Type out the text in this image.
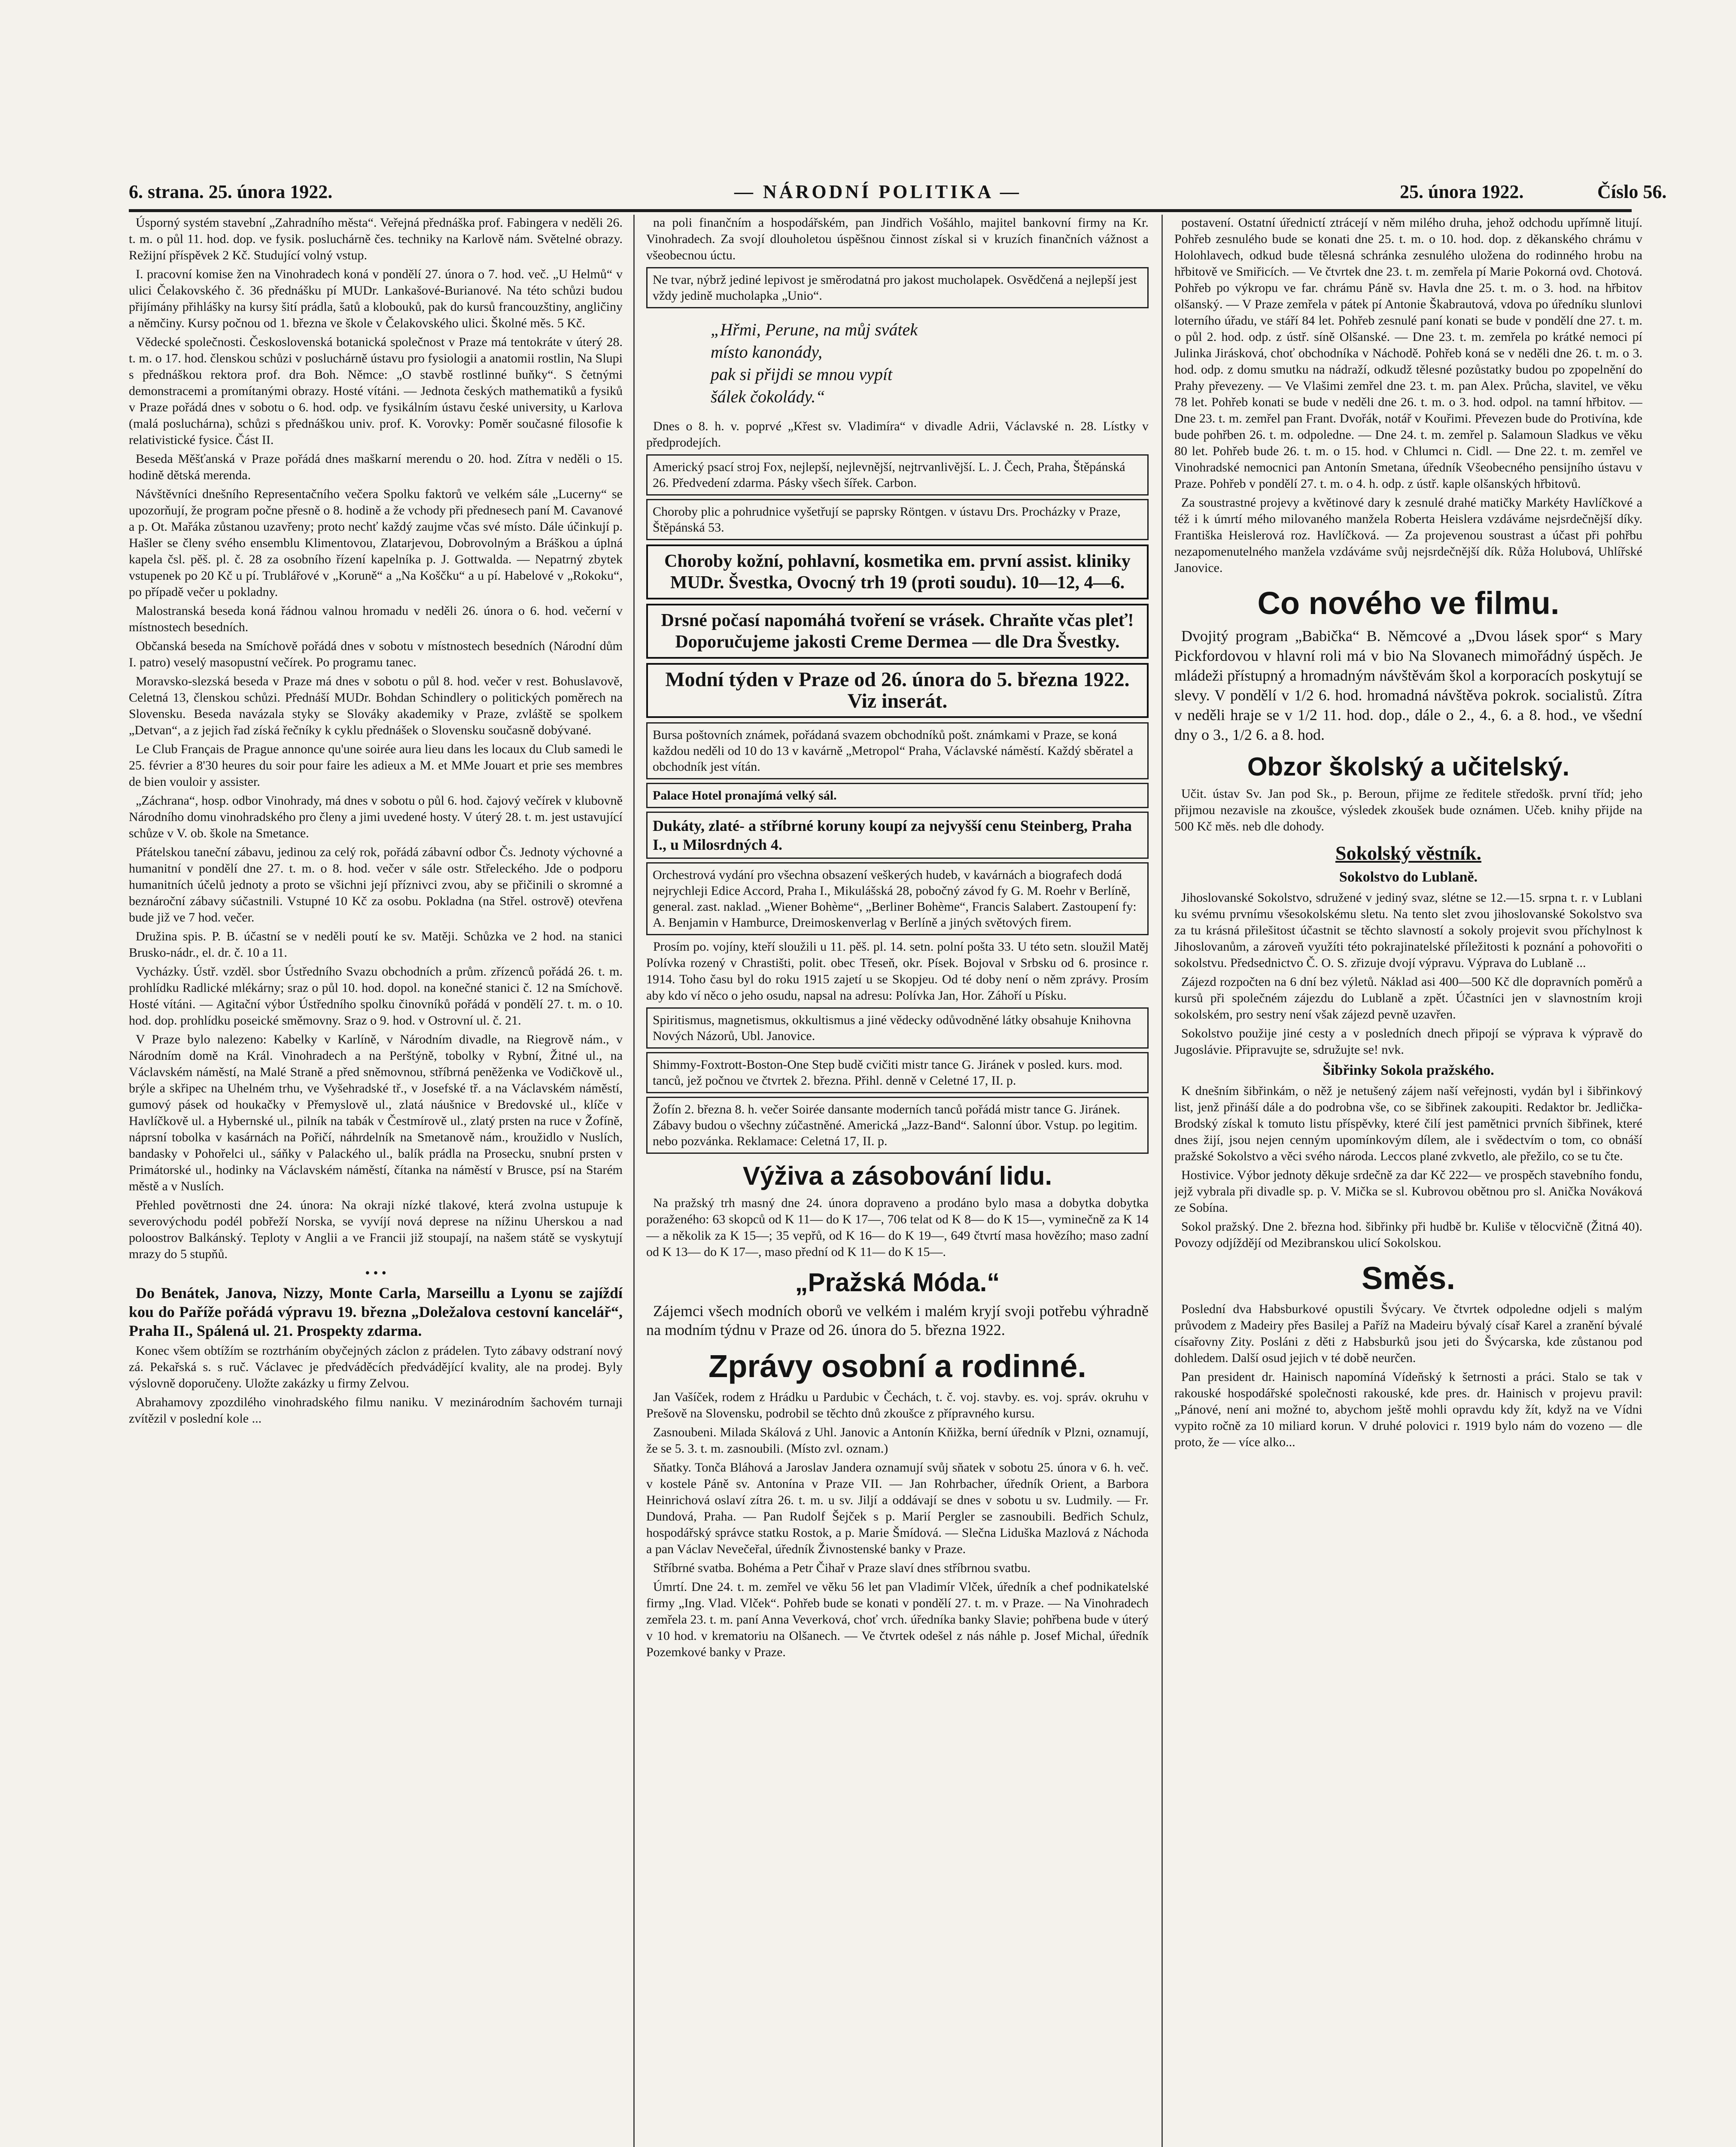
6. strana. 25. února 1922.	— NÁRODNÍ POLITIKA —	25. února 1922.	Číslo 56.

Úsporný systém stavební „Zahradního města“. Veřejná přednáška prof. Fabingera v neděli 26. t. m. o půl 11. hod. dop. ve fysik. posluchárně čes. techniky na Karlově nám. Světelné obrazy. Režijní příspěvek 2 Kč. Studující volný vstup.

I. pracovní komise žen na Vinohradech koná v pondělí 27. února o 7. hod. več. „U Helmů“ v ulici Čelakovského č. 36 přednášku pí MUDr. Lankašové-Burianové. Na této schůzi budou přijímány přihlášky na kursy šití prádla, šatů a klobouků, pak do kursů francouzštiny, angličiny a němčiny. Kursy počnou od 1. března ve škole v Čelakovského ulici. Školné měs. 5 Kč.

Vědecké společnosti. Československá botanická společnost v Praze má tentokráte v úterý 28. t. m. o 17. hod. členskou schůzi v posluchárně ústavu pro fysiologii a anatomii rostlin, Na Slupi s přednáškou rektora prof. dra Boh. Němce: „O stavbě rostlinné buňky“. S četnými demonstracemi a promítanými obrazy. Hosté vítáni. — Jednota českých mathematiků a fysiků v Praze pořádá dnes v sobotu o 6. hod. odp. ve fysikálním ústavu české university, u Karlova (malá posluchárna), schůzi s přednáškou univ. prof. K. Vorovky: Poměr současné filosofie k relativistické fysice. Část II.

Beseda Měšťanská v Praze pořádá dnes maškarní merendu o 20. hod. Zítra v neděli o 15. hodině dětská merenda.

Návštěvníci dnešního Representačního večera Spolku faktorů ve velkém sále „Lucerny“ se upozorňují, že program počne přesně o 8. hodině a že vchody při přednesech paní M. Cavanové a p. Ot. Mařáka zůstanou uzavřeny; proto nechť každý zaujme včas své místo. Dále účinkují p. Hašler se členy svého ensemblu Klimentovou, Zlatarjevou, Dobrovolným a Bráškou a úplná kapela čsl. pěš. pl. č. 28 za osobního řízení kapelníka p. J. Gottwalda. — Nepatrný zbytek vstupenek po 20 Kč u pí. Trublářové v „Koruně“ a „Na Koščku“ a u pí. Habelové v „Rokoku“, po případě večer u pokladny.

Malostranská beseda koná řádnou valnou hromadu v neděli 26. února o 6. hod. večerní v místnostech besedních.

Občanská beseda na Smíchově pořádá dnes v sobotu v místnostech besedních (Národní dům I. patro) veselý masopustní večírek. Po programu tanec.

Moravsko-slezská beseda v Praze má dnes v sobotu o půl 8. hod. večer v rest. Bohuslavově, Celetná 13, členskou schůzi. Přednáší MUDr. Bohdan Schindlery o politických poměrech na Slovensku. Beseda navázala styky se Slováky akademiky v Praze, zvláště se spolkem „Detvan“, a z jejich řad získá řečníky k cyklu přednášek o Slovensku současně dobývané.

Le Club Français de Prague annonce qu'une soirée aura lieu dans les locaux du Club samedi le 25. février a 8'30 heures du soir pour faire les adieux a M. et MMe Jouart et prie ses membres de bien vouloir y assister.

„Záchrana“, hosp. odbor Vinohrady, má dnes v sobotu o půl 6. hod. čajový večírek v klubovně Národního domu vinohradského pro členy a jimi uvedené hosty. V úterý 28. t. m. jest ustavující schůze v V. ob. škole na Smetance.

Přátelskou taneční zábavu, jedinou za celý rok, pořádá zábavní odbor Čs. Jednoty výchovné a humanitní v pondělí dne 27. t. m. o 8. hod. večer v sále ostr. Střeleckého. Jde o podporu humanitních účelů jednoty a proto se všichni její příznivci zvou, aby se přičinili o skromné a beznároční zábavy súčastnili. Vstupné 10 Kč za osobu. Pokladna (na Střel. ostrově) otevřena bude již ve 7 hod. večer.

Družina spis. P. B. účastní se v neděli poutí ke sv. Matěji. Schůzka ve 2 hod. na stanici Brusko-nádr., el. dr. č. 10 a 11.

Vycházky. Ústř. vzděl. sbor Ústředního Svazu obchodních a prům. zřízenců pořádá 26. t. m. prohlídku Radlické mlékárny; sraz o půl 10. hod. dopol. na konečné stanici č. 12 na Smíchově. Hosté vítáni. — Agitační výbor Ústředního spolku činovníků pořádá v pondělí 27. t. m. o 10. hod. dop. prohlídku poseické směmovny. Sraz o 9. hod. v Ostrovní ul. č. 21.

V Praze bylo nalezeno: Kabelky v Karlíně, v Národním divadle, na Riegrově nám., v Národním domě na Král. Vinohradech a na Perštýně, tobolky v Rybní, Žitné ul., na Václavském náměstí, na Malé Straně a před sněmovnou, stříbrná peněženka ve Vodičkově ul., brýle a skřipec na Uhelném trhu, ve Vyšehradské tř., v Josefské tř. a na Václavském náměstí, gumový pásek od houkačky v Přemyslově ul., zlatá náušnice v Bredovské ul., klíče v Havlíčkově ul. a Hybernské ul., pilník na tabák v Čestmírově ul., zlatý prsten na ruce v Žofíně, náprsní tobolka v kasárnách na Pořičí, náhrdelník na Smetanově nám., kroužidlo v Nuslích, bandasky v Pohořelci ul., sáňky v Palackého ul., balík prádla na Prosecku, snubní prsten v Primátorské ul., hodinky na Václavském náměstí, čítanka na náměstí v Brusce, psí na Starém městě a v Nuslích.

Přehled povětrnosti dne 24. února: Na okraji nízké tlakové, která zvolna ustupuje k severovýchodu podél pobřeží Norska, se vyvíjí nová deprese na nížinu Uherskou a nad poloostrov Balkánský. Teploty v Anglii a ve Francii již stoupají, na našem státě se vyskytují mrazy do 5 stupňů.

• • •
Do Benátek, Janova, Nizzy, Monte Carla, Marseillu a Lyonu se zajíždí kou do Paříže pořádá výpravu 19. března „Doležalova cestovní kancelář“, Praha II., Spálená ul. 21. Prospekty zdarma.

Konec všem obtížím se roztrháním obyčejných záclon z prádelen. Tyto zábavy odstraní nový zá. Pekařská s. s ruč. Václavec je předváděcích předvádějící kvality, ale na prodej. Byly výslovně doporučeny. Uložte zakázky u firmy Zelvou.

Abrahamovy zpozdilého vinohradského filmu naniku. V mezinárodním šachovém turnaji zvítězil v poslední kole ...

na poli finančním a hospodářském, pan Jindřich Vošáhlo, majitel bankovní firmy na Kr. Vinohradech. Za svojí dlouholetou úspěšnou činnost získal si v kruzích finančních vážnost a všeobecnou úctu.

Ne tvar, nýbrž jediné lepivost je směrodatná pro jakost mucholapek. Osvědčená a nejlepší jest vždy jedině mucholapka „Unio“.
„Hřmi, Perune, na můj svátek
místo kanonády,
pak si přijdi se mnou vypít
šálek čokolády.“

Dnes o 8. h. v. poprvé „Křest sv. Vladimíra“ v divadle Adrii, Václavské n. 28. Lístky v předprodejích.

Americký psací stroj Fox, nejlepší, nejlevnější, nejtrvanlivější. L. J. Čech, Praha, Štěpánská 26. Předvedení zdarma. Pásky všech šířek. Carbon.
Choroby plic a pohrudnice vyšetřují se paprsky Röntgen. v ústavu Drs. Procházky v Praze, Štěpánská 53.
Choroby kožní, pohlavní, kosmetika em. první assist. kliniky MUDr. Švestka, Ovocný trh 19 (proti soudu). 10—12, 4—6.
Drsné počasí napomáhá tvoření se vrásek. Chraňte včas pleť! Doporučujeme jakosti Creme Dermea — dle Dra Švestky.
Modní týden v Praze od 26. února do 5. března 1922. Viz inserát.
Bursa poštovních známek, pořádaná svazem obchodníků pošt. známkami v Praze, se koná každou neděli od 10 do 13 v kavárně „Metropol“ Praha, Václavské náměstí. Každý sběratel a obchodník jest vítán.
Palace Hotel pronajímá velký sál.
Dukáty, zlaté- a stříbrné koruny koupí za nejvyšší cenu Steinberg, Praha I., u Milosrdných 4.
Orchestrová vydání pro všechna obsazení veškerých hudeb, v kavárnách a biografech dodá nejrychleji Edice Accord, Praha I., Mikulášská 28, pobočný závod fy G. M. Roehr v Berlíně, general. zast. naklad. „Wiener Bohème“, „Berliner Bohème“, Francis Salabert. Zastoupení fy: A. Benjamin v Hamburce, Dreimoskenverlag v Berlíně a jiných světových firem.

Prosím po. vojíny, kteří sloužili u 11. pěš. pl. 14. setn. polní pošta 33. U této setn. sloužil Matěj Polívka rozený v Chrastišti, polit. obec Třeseň, okr. Písek. Bojoval v Srbsku od 6. prosince r. 1914. Toho času byl do roku 1915 zajetí u se Skopjeu. Od té doby není o něm zprávy. Prosím aby kdo ví něco o jeho osudu, napsal na adresu: Polívka Jan, Hor. Záhoří u Písku.

Spiritismus, magnetismus, okkultismus a jiné vědecky odůvodněné látky obsahuje Knihovna Nových Názorů, Ubl. Janovice.
Shimmy-Foxtrott-Boston-One Step budě cvičiti mistr tance G. Jiránek v posled. kurs. mod. tanců, jež počnou ve čtvrtek 2. března. Přihl. denně v Celetné 17, II. p.
Žofín 2. března 8. h. večer Soirée dansante moderních tanců pořádá mistr tance G. Jiránek. Zábavy budou o všechny zúčastněné. Americká „Jazz-Band“. Salonní úbor. Vstup. po legitim. nebo pozvánka. Reklamace: Celetná 17, II. p.
Výživa a zásobování lidu.

Na pražský trh masný dne 24. února dopraveno a prodáno bylo masa a dobytka dobytka poraženého: 63 skopců od K 11— do K 17—, 706 telat od K 8— do K 15—, vyminečně za K 14— a několik za K 15—; 35 vepřů, od K 16— do K 19—, 649 čtvrtí masa hovězího; maso zadní od K 13— do K 17—, maso přední od K 11— do K 15—.

„Pražská Móda.“

Zájemci všech modních oborů ve velkém i malém kryjí svoji potřebu výhradně na modním týdnu v Praze od 26. února do 5. března 1922.

Zprávy osobní a rodinné.

Jan Vašíček, rodem z Hrádku u Pardubic v Čechách, t. č. voj. stavby. es. voj. správ. okruhu v Prešově na Slovensku, podrobil se těchto dnů zkoušce z přípravného kursu.

Zasnoubeni. Milada Skálová z Uhl. Janovic a Antonín Kňižka, berní úředník v Plzni, oznamují, že se 5. 3. t. m. zasnoubili. (Místo zvl. oznam.)

Sňatky. Tonča Bláhová a Jaroslav Jandera oznamují svůj sňatek v sobotu 25. února v 6. h. več. v kostele Páně sv. Antonína v Praze VII. — Jan Rohrbacher, úředník Orient, a Barbora Heinrichová oslaví zítra 26. t. m. u sv. Jiljí a oddávají se dnes v sobotu u sv. Ludmily. — Fr. Dundová, Praha. — Pan Rudolf Šejček s p. Marií Pergler se zasnoubili. Bedřich Schulz, hospodářský správce statku Rostok, a p. Marie Šmídová. — Slečna Liduška Mazlová z Náchoda a pan Václav Nevečeřal, úředník Živnostenské banky v Praze.

Stříbrné svatba. Bohéma a Petr Čihař v Praze slaví dnes stříbrnou svatbu.

Úmrtí. Dne 24. t. m. zemřel ve věku 56 let pan Vladimír Vlček, úředník a chef podnikatelské firmy „Ing. Vlad. Vlček“. Pohřeb bude se konati v pondělí 27. t. m. v Praze. — Na Vinohradech zemřela 23. t. m. paní Anna Veverková, choť vrch. úředníka banky Slavie; pohřbena bude v úterý v 10 hod. v krematoriu na Olšanech. — Ve čtvrtek odešel z nás náhle p. Josef Michal, úředník Pozemkové banky v Praze.

postavení. Ostatní úřednictí ztrácejí v něm milého druha, jehož odchodu upřímně litují. Pohřeb zesnulého bude se konati dne 25. t. m. o 10. hod. dop. z děkanského chrámu v Holohlavech, odkud bude tělesná schránka zesnulého uložena do rodinného hrobu na hřbitově ve Smiřicích. — Ve čtvrtek dne 23. t. m. zemřela pí Marie Pokorná ovd. Chotová. Pohřeb po výkropu ve far. chrámu Páně sv. Havla dne 25. t. m. o 3. hod. na hřbitov olšanský. — V Praze zemřela v pátek pí Antonie Škabrautová, vdova po úředníku slunlovi loterního úřadu, ve stáří 84 let. Pohřeb zesnulé paní konati se bude v pondělí dne 27. t. m. o půl 2. hod. odp. z ústř. síně Olšanské. — Dne 23. t. m. zemřela po krátké nemoci pí Julinka Jirásková, choť obchodníka v Náchodě. Pohřeb koná se v neděli dne 26. t. m. o 3. hod. odp. z domu smutku na nádraží, odkudž tělesné pozůstatky budou po zpopelnění do Prahy převezeny. — Ve Vlašimi zemřel dne 23. t. m. pan Alex. Průcha, slavitel, ve věku 78 let. Pohřeb konati se bude v neděli dne 26. t. m. o 3. hod. odpol. na tamní hřbitov. — Dne 23. t. m. zemřel pan Frant. Dvořák, notář v Kouřimi. Převezen bude do Protivína, kde bude pohřben 26. t. m. odpoledne. — Dne 24. t. m. zemřel p. Salamoun Sladkus ve věku 80 let. Pohřeb bude 26. t. m. o 15. hod. v Chlumci n. Cidl. — Dne 22. t. m. zemřel ve Vinohradské nemocnici pan Antonín Smetana, úředník Všeobecného pensijního ústavu v Praze. Pohřeb v pondělí 27. t. m. o 4. h. odp. z ústř. kaple olšanských hřbitovů.

Za soustrastné projevy a květinové dary k zesnulé drahé matičky Markéty Havlíčkové a též i k úmrtí mého milovaného manžela Roberta Heislera vzdáváme nejsrdečnější díky. Františka Heislerová roz. Havlíčková. — Za projevenou soustrast a účast při pohřbu nezapomenutelného manžela vzdáváme svůj nejsrdečnější dík. Růža Holubová, Uhlířské Janovice.

Co nového ve filmu.

Dvojitý program „Babička“ B. Němcové a „Dvou lásek spor“ s Mary Pickfordovou v hlavní roli má v bio Na Slovanech mimořádný úspěch. Je mládeži přístupný a hromadným návštěvám škol a korporacích poskytují se slevy. V pondělí v 1/2 6. hod. hromadná návštěva pokrok. socialistů. Zítra v neděli hraje se v 1/2 11. hod. dop., dále o 2., 4., 6. a 8. hod., ve všední dny o 3., 1/2 6. a 8. hod.

Obzor školský a učitelský.

Učit. ústav Sv. Jan pod Sk., p. Beroun, přijme ze ředitele středošk. první tříd; jeho přijmou nezavisle na zkoušce, výsledek zkoušek bude oznámen. Učeb. knihy přijde na 500 Kč měs. neb dle dohody.

Sokolský věstník.
Sokolstvo do Lublaně.

Jihoslovanské Sokolstvo, sdružené v jediný svaz, slétne se 12.—15. srpna t. r. v Lublani ku svému prvnímu všesokolskému sletu. Na tento slet zvou jihoslovanské Sokolstvo sva za tu krásná přilešitost účastnit se těchto slavností a sokoly projevit svou příchylnost k Jihoslovanům, a zároveň využíti této pokrajinatelské příležitosti k poznání a pohovořiti o sokolstvu. Předsednictvo Č. O. S. zřizuje dvojí výpravu. Výprava do Lublaně ...

Zájezd rozpočten na 6 dní bez výletů. Náklad asi 400—500 Kč dle dopravních poměrů a kursů při společném zájezdu do Lublaně a zpět. Účastníci jen v slavnostním kroji sokolském, pro sestry není však zájezd pevně uzavřen.

Sokolstvo použije jiné cesty a v posledních dnech připojí se výprava k výpravě do Jugoslávie. Připravujte se, sdružujte se! nvk.

Šibřinky Sokola pražského.

K dnešním šibřinkám, o něž je netušený zájem naší veřejnosti, vydán byl i šibřinkový list, jenž přináší dále a do podrobna vše, co se šibřinek zakoupiti. Redaktor br. Jedlička-Brodský získal k tomuto listu příspěvky, které čilí jest pamětnici prvních šibřinek, které dnes žijí, jsou nejen cenným upomínkovým dílem, ale i svědectvím o tom, co obnáší pražské Sokolstvo a věci svého národa. Leccos plané zvkvetlo, ale přežilo, co se tu čte.

Hostivice. Výbor jednoty děkuje srdečně za dar Kč 222— ve prospěch stavebního fondu, jejž vybrala při divadle sp. p. V. Mička se sl. Kubrovou obětnou pro sl. Anička Nováková ze Sobína.

Sokol pražský. Dne 2. března hod. šibřinky při hudbě br. Kuliše v tělocvičně (Žitná 40). Povozy odjíždějí od Mezibranskou ulicí Sokolskou.

Směs.

Poslední dva Habsburkové opustili Švýcary. Ve čtvrtek odpoledne odjeli s malým průvodem z Madeiry přes Basilej a Paříž na Madeiru bývalý císař Karel a zranění bývalé císařovny Zity. Posláni z děti z Habsburků jsou jeti do Švýcarska, kde zůstanou pod dohledem. Další osud jejich v té době neurčen.

Pan president dr. Hainisch napomíná Vídeňský k šetrnosti a práci. Stalo se tak v rakouské hospodářské společnosti rakouské, kde pres. dr. Hainisch v projevu pravil: „Pánové, není ani možné to, abychom ještě mohli opravdu kdy žít, když na ve Vídni vypito ročně za 10 miliard korun. V druhé polovici r. 1919 bylo nám do vozeno — dle proto, že — více alko...
